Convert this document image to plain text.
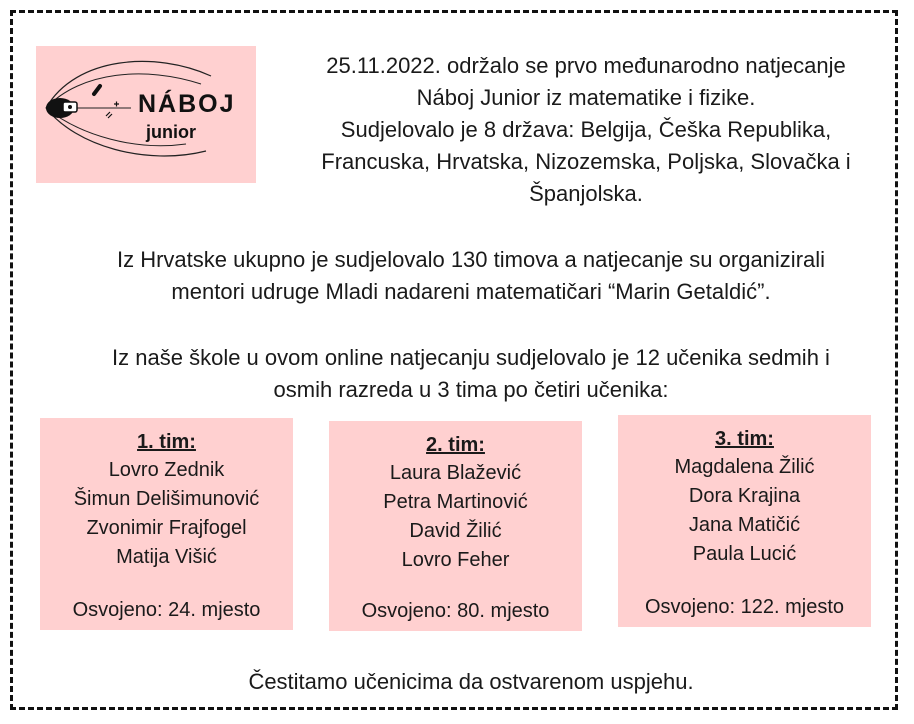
NÁBOJ
junior

25.11.2022. održalo se prvo međunarodno natjecanje
Náboj Junior iz matematike i fizike.
Sudjelovalo je 8 država: Belgija, Češka Republika,
Francuska, Hrvatska, Nizozemska, Poljska, Slovačka i
Španjolska.

Iz Hrvatske ukupno je sudjelovalo 130 timova a natjecanje su organizirali
mentori udruge Mladi nadareni matematičari “Marin Getaldić”.

Iz naše škole u ovom online natjecanju sudjelovalo je 12 učenika sedmih i
osmih razreda u 3 tima po četiri učenika:

1. tim:
Lovro Zednik
Šimun Delišimunović
Zvonimir Frajfogel
Matija Višić
Osvojeno: 24. mjesto
2. tim:
Laura Blažević
Petra Martinović
David Žilić
Lovro Feher
Osvojeno: 80. mjesto
3. tim:
Magdalena Žilić
Dora Krajina
Jana Matičić
Paula Lucić
Osvojeno: 122. mjesto

Čestitamo učenicima da ostvarenom uspjehu.
